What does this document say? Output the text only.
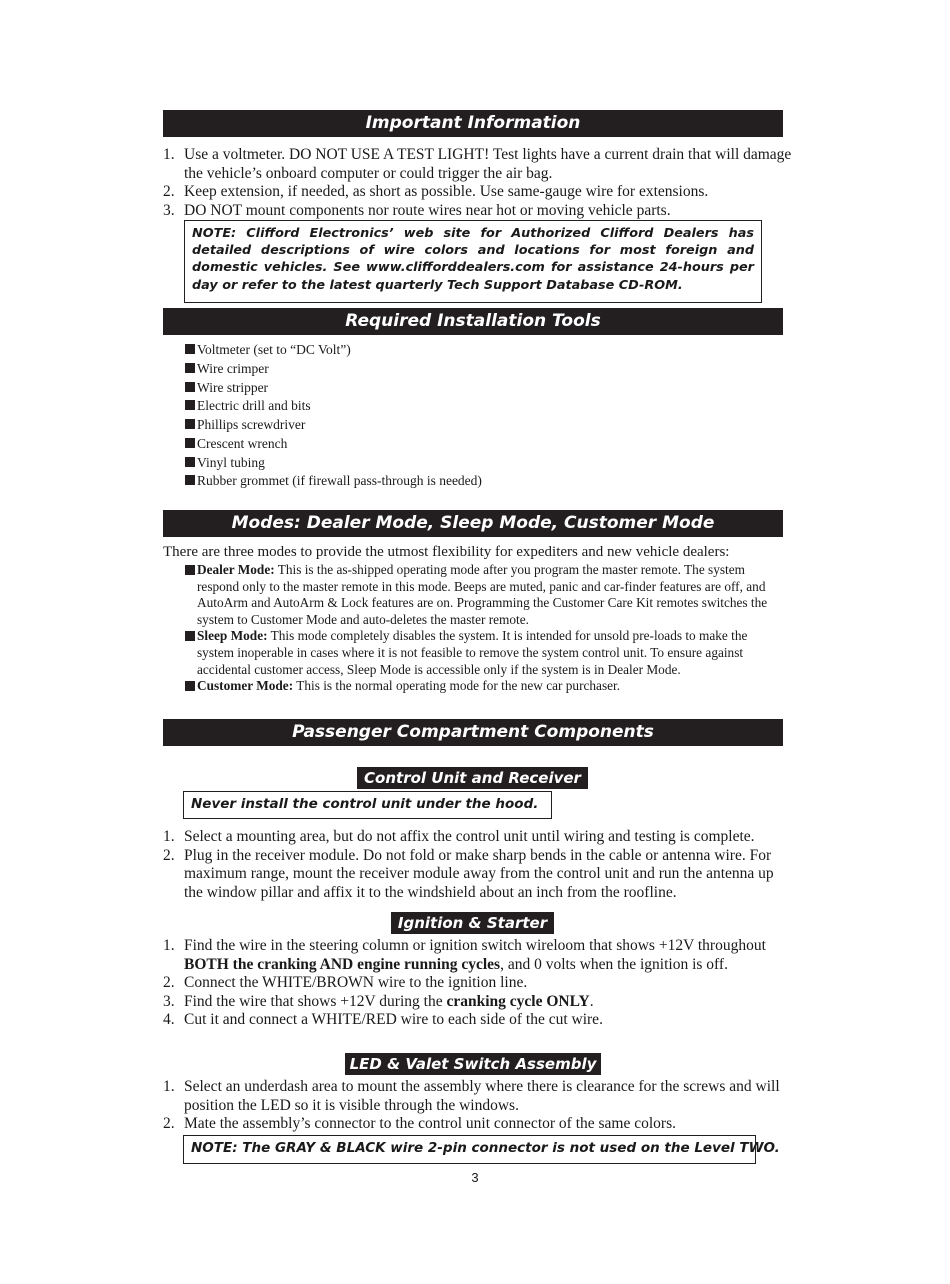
Important Information
1. Use a voltmeter. DO NOT USE A TEST LIGHT! Test lights have a current drain that will damage the vehicle’s onboard computer or could trigger the air bag.
2. Keep extension, if needed, as short as possible. Use same-gauge wire for extensions.
3. DO NOT mount components nor route wires near hot or moving vehicle parts.
NOTE: Clifford Electronics’ web site for Authorized Clifford Dealers has detailed descriptions of wire colors and locations for most foreign and domestic vehicles. See www.clifforddealers.com for assistance 24-hours per day or refer to the latest quarterly Tech Support Database CD-ROM.
Required Installation Tools
Voltmeter (set to “DC Volt”)
Wire crimper
Wire stripper
Electric drill and bits
Phillips screwdriver
Crescent wrench
Vinyl tubing
Rubber grommet (if firewall pass-through is needed)
Modes: Dealer Mode, Sleep Mode, Customer Mode
There are three modes to provide the utmost flexibility for expediters and new vehicle dealers:
Dealer Mode: This is the as-shipped operating mode after you program the master remote. The system respond only to the master remote in this mode. Beeps are muted, panic and car-finder features are off, and AutoArm and AutoArm & Lock features are on. Programming the Customer Care Kit remotes switches the system to Customer Mode and auto-deletes the master remote.
Sleep Mode: This mode completely disables the system. It is intended for unsold pre-loads to make the system inoperable in cases where it is not feasible to remove the system control unit. To ensure against accidental customer access, Sleep Mode is accessible only if the system is in Dealer Mode.
Customer Mode: This is the normal operating mode for the new car purchaser.
Passenger Compartment Components
Control Unit and Receiver
Never install the control unit under the hood.
1. Select a mounting area, but do not affix the control unit until wiring and testing is complete.
2. Plug in the receiver module. Do not fold or make sharp bends in the cable or antenna wire. For maximum range, mount the receiver module away from the control unit and run the antenna up the window pillar and affix it to the windshield about an inch from the roofline.
Ignition & Starter
1. Find the wire in the steering column or ignition switch wireloom that shows +12V throughout BOTH the cranking AND engine running cycles, and 0 volts when the ignition is off.
2. Connect the WHITE/BROWN wire to the ignition line.
3. Find the wire that shows +12V during the cranking cycle ONLY.
4. Cut it and connect a WHITE/RED wire to each side of the cut wire.
LED & Valet Switch Assembly
1. Select an underdash area to mount the assembly where there is clearance for the screws and will position the LED so it is visible through the windows.
2. Mate the assembly’s connector to the control unit connector of the same colors.
NOTE: The GRAY & BLACK wire 2-pin connector is not used on the Level TWO.
3
